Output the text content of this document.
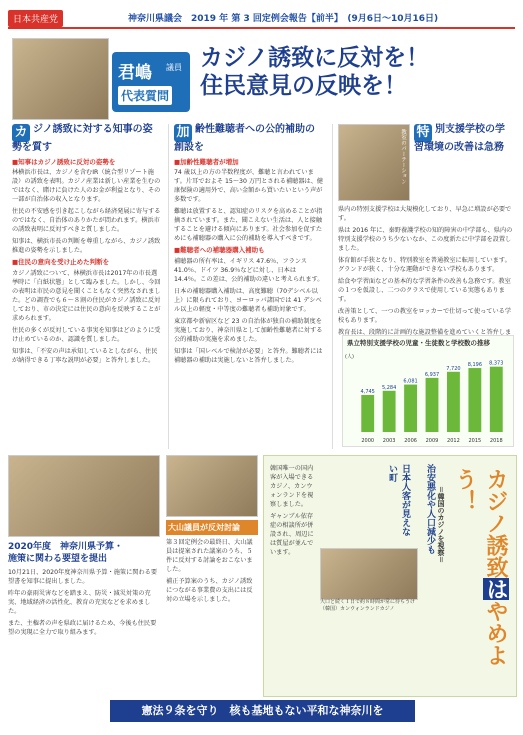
日本共産党	神奈川県議会　2019 年 第 3 回定例会報告【前半】　(9月6日〜10月16日)
君嶋 議員
代表質問
カジノ誘致に反対を！
住民意見の反映を！
カ ジノ誘致に対する知事の姿勢を質す
■知事はカジノ誘致に反対の姿勢を

林横浜市長は、カジノを含むIR（統合型リゾート施設）の誘致を表明。カジノ産業は新しい産業を生むのではなく、賭けに負けた人のお金が利益となり、その一部が自治体の収入となります。

住民の不安感を引き起こしながら経済発展に寄与するのではなく、自治体のありかたが問われます。横浜市の誘致表明に反対すべきと質しました。

知事は、横浜市長の判断を尊重しながら、カジノ誘致推進の姿勢を示しました。

■住民の意向を受け止めた判断を

カジノ誘致について、林横浜市長は2017年の市長選挙時に「白紙状態」として臨みました。しかし、今回の表明は市民の意見を聞くこともなく突然なされました。どの調査でも６〜８割の住民がカジノ誘致に反対しており、市の決定には住民の意向を反映することが求められます。

住民の多くが反対している事実を知事はどのように受け止めているのか、認識を質しました。

知事は、「不安の声は承知しているとしながら、住民が納得できる丁寧な説明が必要」と答弁しました。

加 齢性難聴者への公的補助の創設を
■加齢性難聴者が増加

74 歳以上の方の半数程度が、難聴と言われています。片耳でおよそ 15〜30 万円とされる補聴器は、健康保険の適用外で、高い金額から買いたいという声が多数です。

難聴は放置すると、認知症のリスクを高めることが指摘されています。また、聞こえない生活は、人と接触することを避ける傾向にあります。社会参加を促すためにも補聴器の購入に公的補助を導入すべきです。

■難聴者への補聴器購入補助も

補聴器の所有率は、イギリス 47.6％、フランス 41.0％、ドイツ 36.9％などに対し、日本は 14.4％。この差は、公的補助の違いと考えられます。

日本の補聴器購入補助は、高度難聴（70デシベル以上）に限られており、ヨーロッパ諸国では 41 デシベル以上の軽度・中等度の難聴者も補助対象です。

東京都や新宿区など 23 の自治体が独自の補助制度を実施しており、神奈川県として加齢性難聴者に対する公的補助の実施を求めました。

知事は「国レベルで検討が必要」と答弁。難聴者には補聴器の補助は実施しないと答弁しました。

教室のパーテーション 特 別支援学校の学習環境の改善は急務

県内の特別支援学校は大規模化しており、早急に増設が必要です。

県は 2016 年に、秦野養護学校の知的障害の中学部も、県内の特別支援学校のうち少ないなか、この度新たに中学部を設置しました。

体育館が手狭となり、特別教室を普通教室に転用しています。グランドが狭く、十分な運動ができない学校もあります。

給食や学習面などの基本的な学習条件の改善も急務です。教室の１つを仮設し、二つのクラスで使用している実態もあります。

改善策として、一つの教室をロッカーで仕切って使っている学校もあります。

教育長は、段階的に計画的な施設整備を進めていくと答弁しま

県立特別支援学校の児童・生徒数と学校数の推移
(人)
4,745
2000
5,284
2003
6,081
2006
6,937
2009
7,720
2012
8,196
2015
8,373
2018
2020年度　神奈川県予算・
施策に関わる要望を提出

10月21日、2020年度神奈川県予算・施策に関わる要望書を知事に提出しました。

昨年の豪雨災害などを踏まえ、防災・減災対策の充実、地域経済の活性化、教育の充実などを求めました。

また、主権者の声を県政に届けるため、今後も住民要望の実現に全力で取り組みます。

大山議員が反対討論

第３回定例会の最終日、大山議員は提案された議案のうち、５件に反対する討論をおこないました。

補正予算案のうち、カジノ誘致につながる事業費の支出には反対の立場を示しました。	大口と続く１日で約８時間が常に待ちうけ（韓国）カンウォンランドカジノ
日本人客が見えない町	治安悪化や人口減少も

韓国唯一の国内客が入場できるカジノ、カンウォンランドを視察しました。

ギャンブル依存症の相談所が併設され、周辺には質屋が並んでいます。	＝韓国のカジノを視察＝	カジノ誘致はやめよう！
憲法９条を守り　核も基地もない平和な神奈川を
